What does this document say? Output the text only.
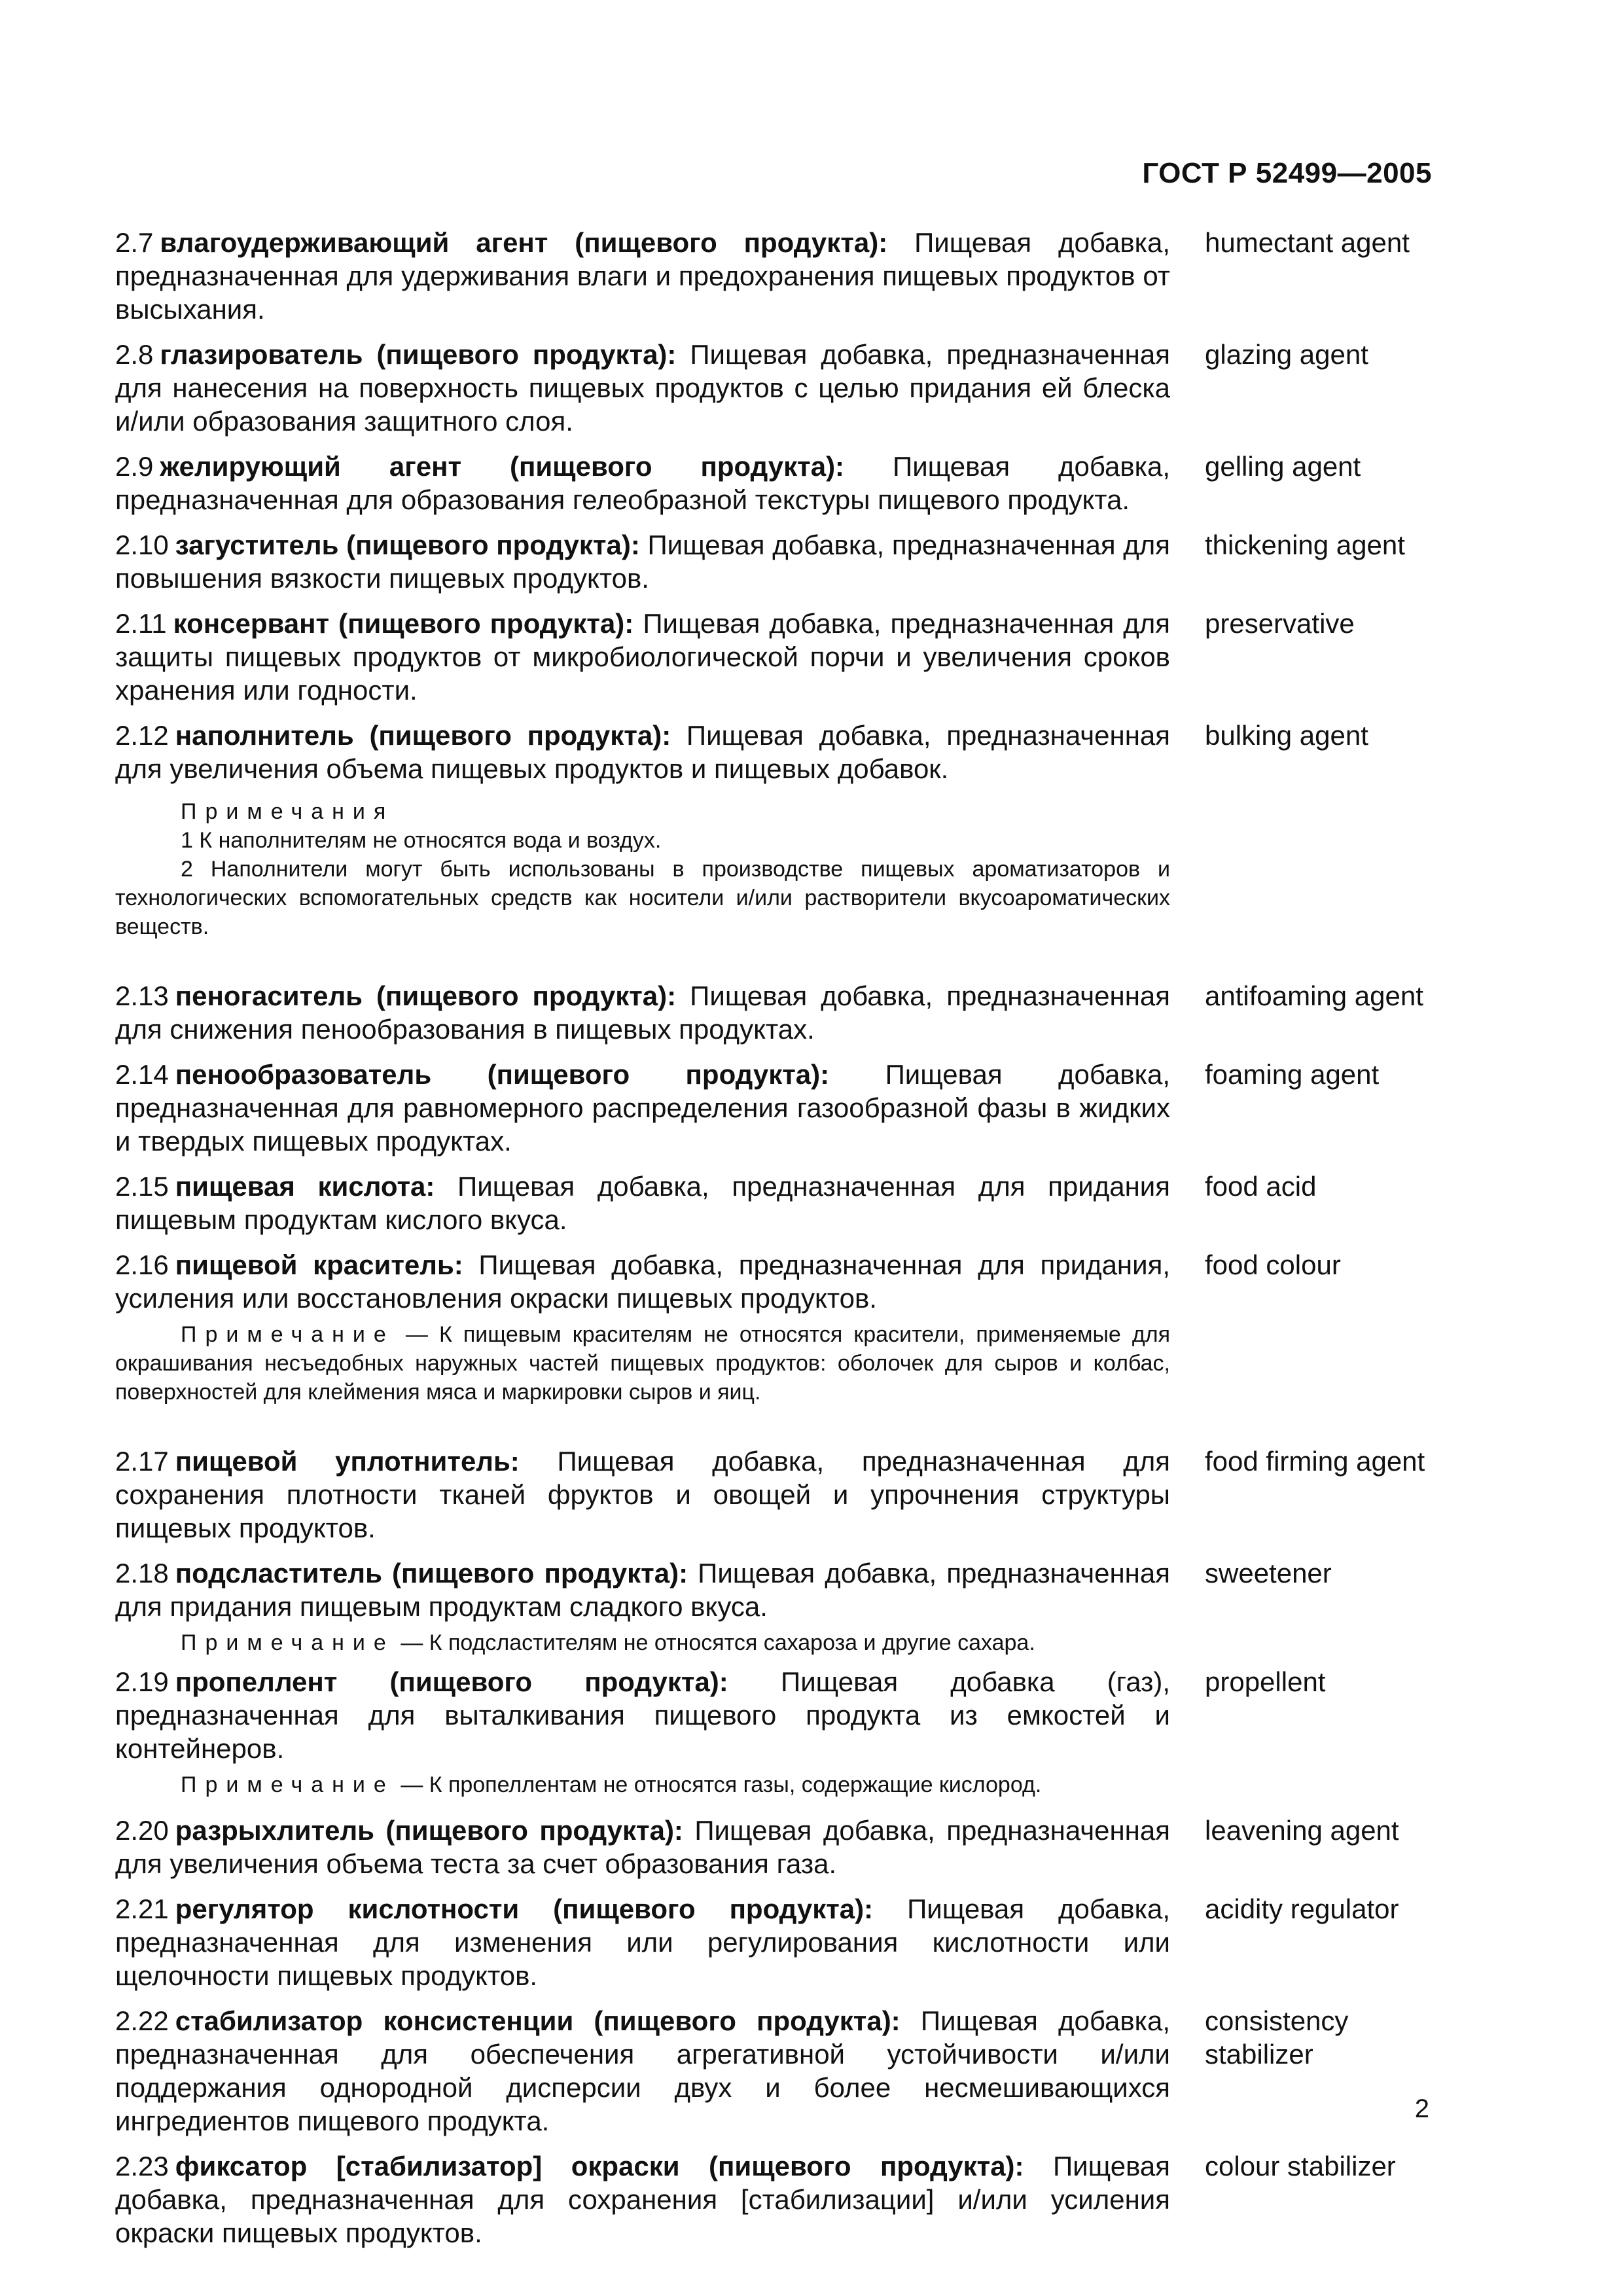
ГОСТ Р 52499—2005
2.7 влагоудерживающий агент (пищевого продукта): Пищевая добавка, предназначенная для удерживания влаги и предохранения пищевых продуктов от высыхания.
humectant agent
2.8 глазирователь (пищевого продукта): Пищевая добавка, предназначенная для нанесения на поверхность пищевых продуктов с целью придания ей блеска и/или образования защитного слоя.
glazing agent
2.9 желирующий агент (пищевого продукта): Пищевая добавка, предназначенная для образования гелеобразной текстуры пищевого продукта.
gelling agent
2.10 загуститель (пищевого продукта): Пищевая добавка, предназначенная для повышения вязкости пищевых продуктов.
thickening agent
2.11 консервант (пищевого продукта): Пищевая добавка, предназначенная для защиты пищевых продуктов от микробиологической порчи и увеличения сроков хранения или годности.
preservative
2.12 наполнитель (пищевого продукта): Пищевая добавка, предназначенная для увеличения объема пищевых продуктов и пищевых добавок.
bulking agent
Примечания
1 К наполнителям не относятся вода и воздух.
2 Наполнители могут быть использованы в производстве пищевых ароматизаторов и технологических вспомогательных средств как носители и/или растворители вкусоароматических веществ.
2.13 пеногаситель (пищевого продукта): Пищевая добавка, предназначенная для снижения пенообразования в пищевых продуктах.
antifoaming agent
2.14 пенообразователь (пищевого продукта): Пищевая добавка, предназначенная для равномерного распределения газообразной фазы в жидких и твердых пищевых продуктах.
foaming agent
2.15 пищевая кислота: Пищевая добавка, предназначенная для придания пищевым продуктам кислого вкуса.
food acid
2.16 пищевой краситель: Пищевая добавка, предназначенная для придания, усиления или восстановления окраски пищевых продуктов.
food colour
Примечание — К пищевым красителям не относятся красители, применяемые для окрашивания несъедобных наружных частей пищевых продуктов: оболочек для сыров и колбас, поверхностей для клеймения мяса и маркировки сыров и яиц.
2.17 пищевой уплотнитель: Пищевая добавка, предназначенная для сохранения плотности тканей фруктов и овощей и упрочнения структуры пищевых продуктов.
food firming agent
2.18 подсластитель (пищевого продукта): Пищевая добавка, предназначенная для придания пищевым продуктам сладкого вкуса.
sweetener
Примечание — К подсластителям не относятся сахароза и другие сахара.
2.19 пропеллент (пищевого продукта): Пищевая добавка (газ), предназначенная для выталкивания пищевого продукта из емкостей и контейнеров.
propellent
Примечание — К пропеллентам не относятся газы, содержащие кислород.
2.20 разрыхлитель (пищевого продукта): Пищевая добавка, предназначенная для увеличения объема теста за счет образования газа.
leavening agent
2.21 регулятор кислотности (пищевого продукта): Пищевая добавка, предназначенная для изменения или регулирования кислотности или щелочности пищевых продуктов.
acidity regulator
2.22 стабилизатор консистенции (пищевого продукта): Пищевая добавка, предназначенная для обеспечения агрегативной устойчивости и/или поддержания однородной дисперсии двух и более несмешивающихся ингредиентов пищевого продукта.
consistency stabilizer
2.23 фиксатор [стабилизатор] окраски (пищевого продукта): Пищевая добавка, предназначенная для сохранения [стабилизации] и/или усиления окраски пищевых продуктов.
colour stabilizer
2
